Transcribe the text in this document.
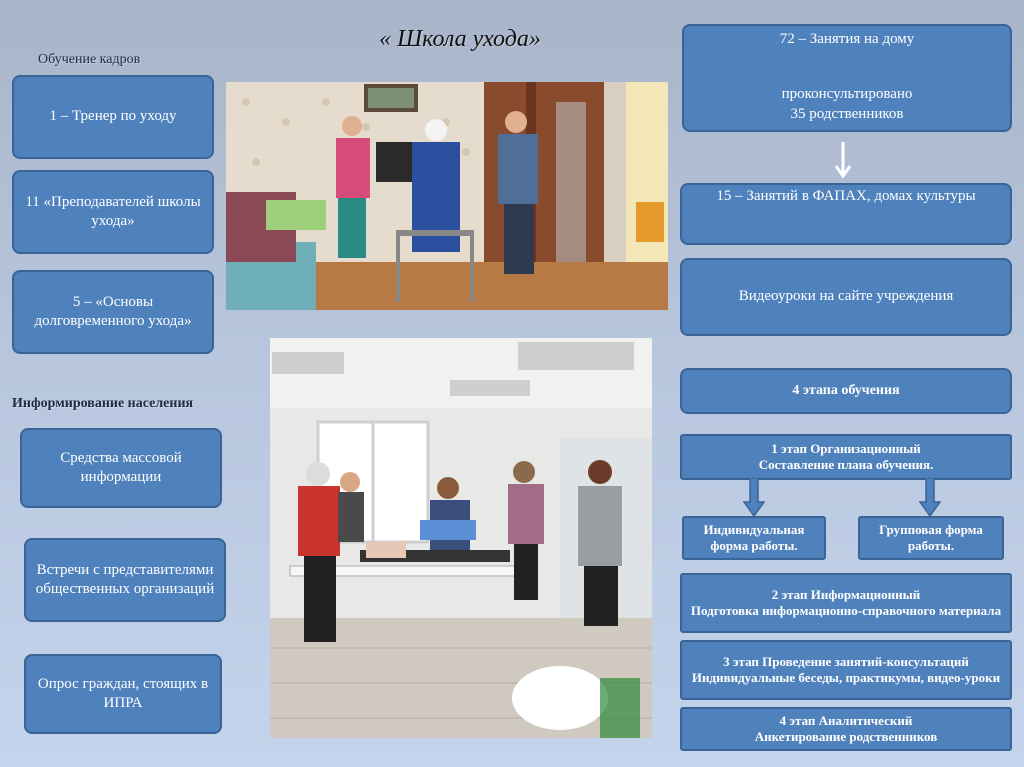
« Школа ухода»
Обучение кадров
1 – Тренер по уходу
11 «Преподавателей школы ухода»
5 – «Основы долговременного ухода»
Информирование населения
Средства массовой информации
Встречи с представителями общественных организаций
Опрос граждан, стоящих в ИПРА
72 – Занятия на дому
проконсультировано
35 родственников
15 – Занятий в ФАПАХ, домах культуры
Видеоуроки на сайте учреждения
4 этапа обучения
1 этап Организационный
Составление плана обучения.
Индивидуальная форма работы.
Групповая форма работы.
2 этап Информационный
Подготовка информационно-справочного материала
3 этап Проведение занятий-консультаций
Индивидуальные беседы, практикумы, видео-уроки
4 этап Аналитический
Анкетирование родственников
